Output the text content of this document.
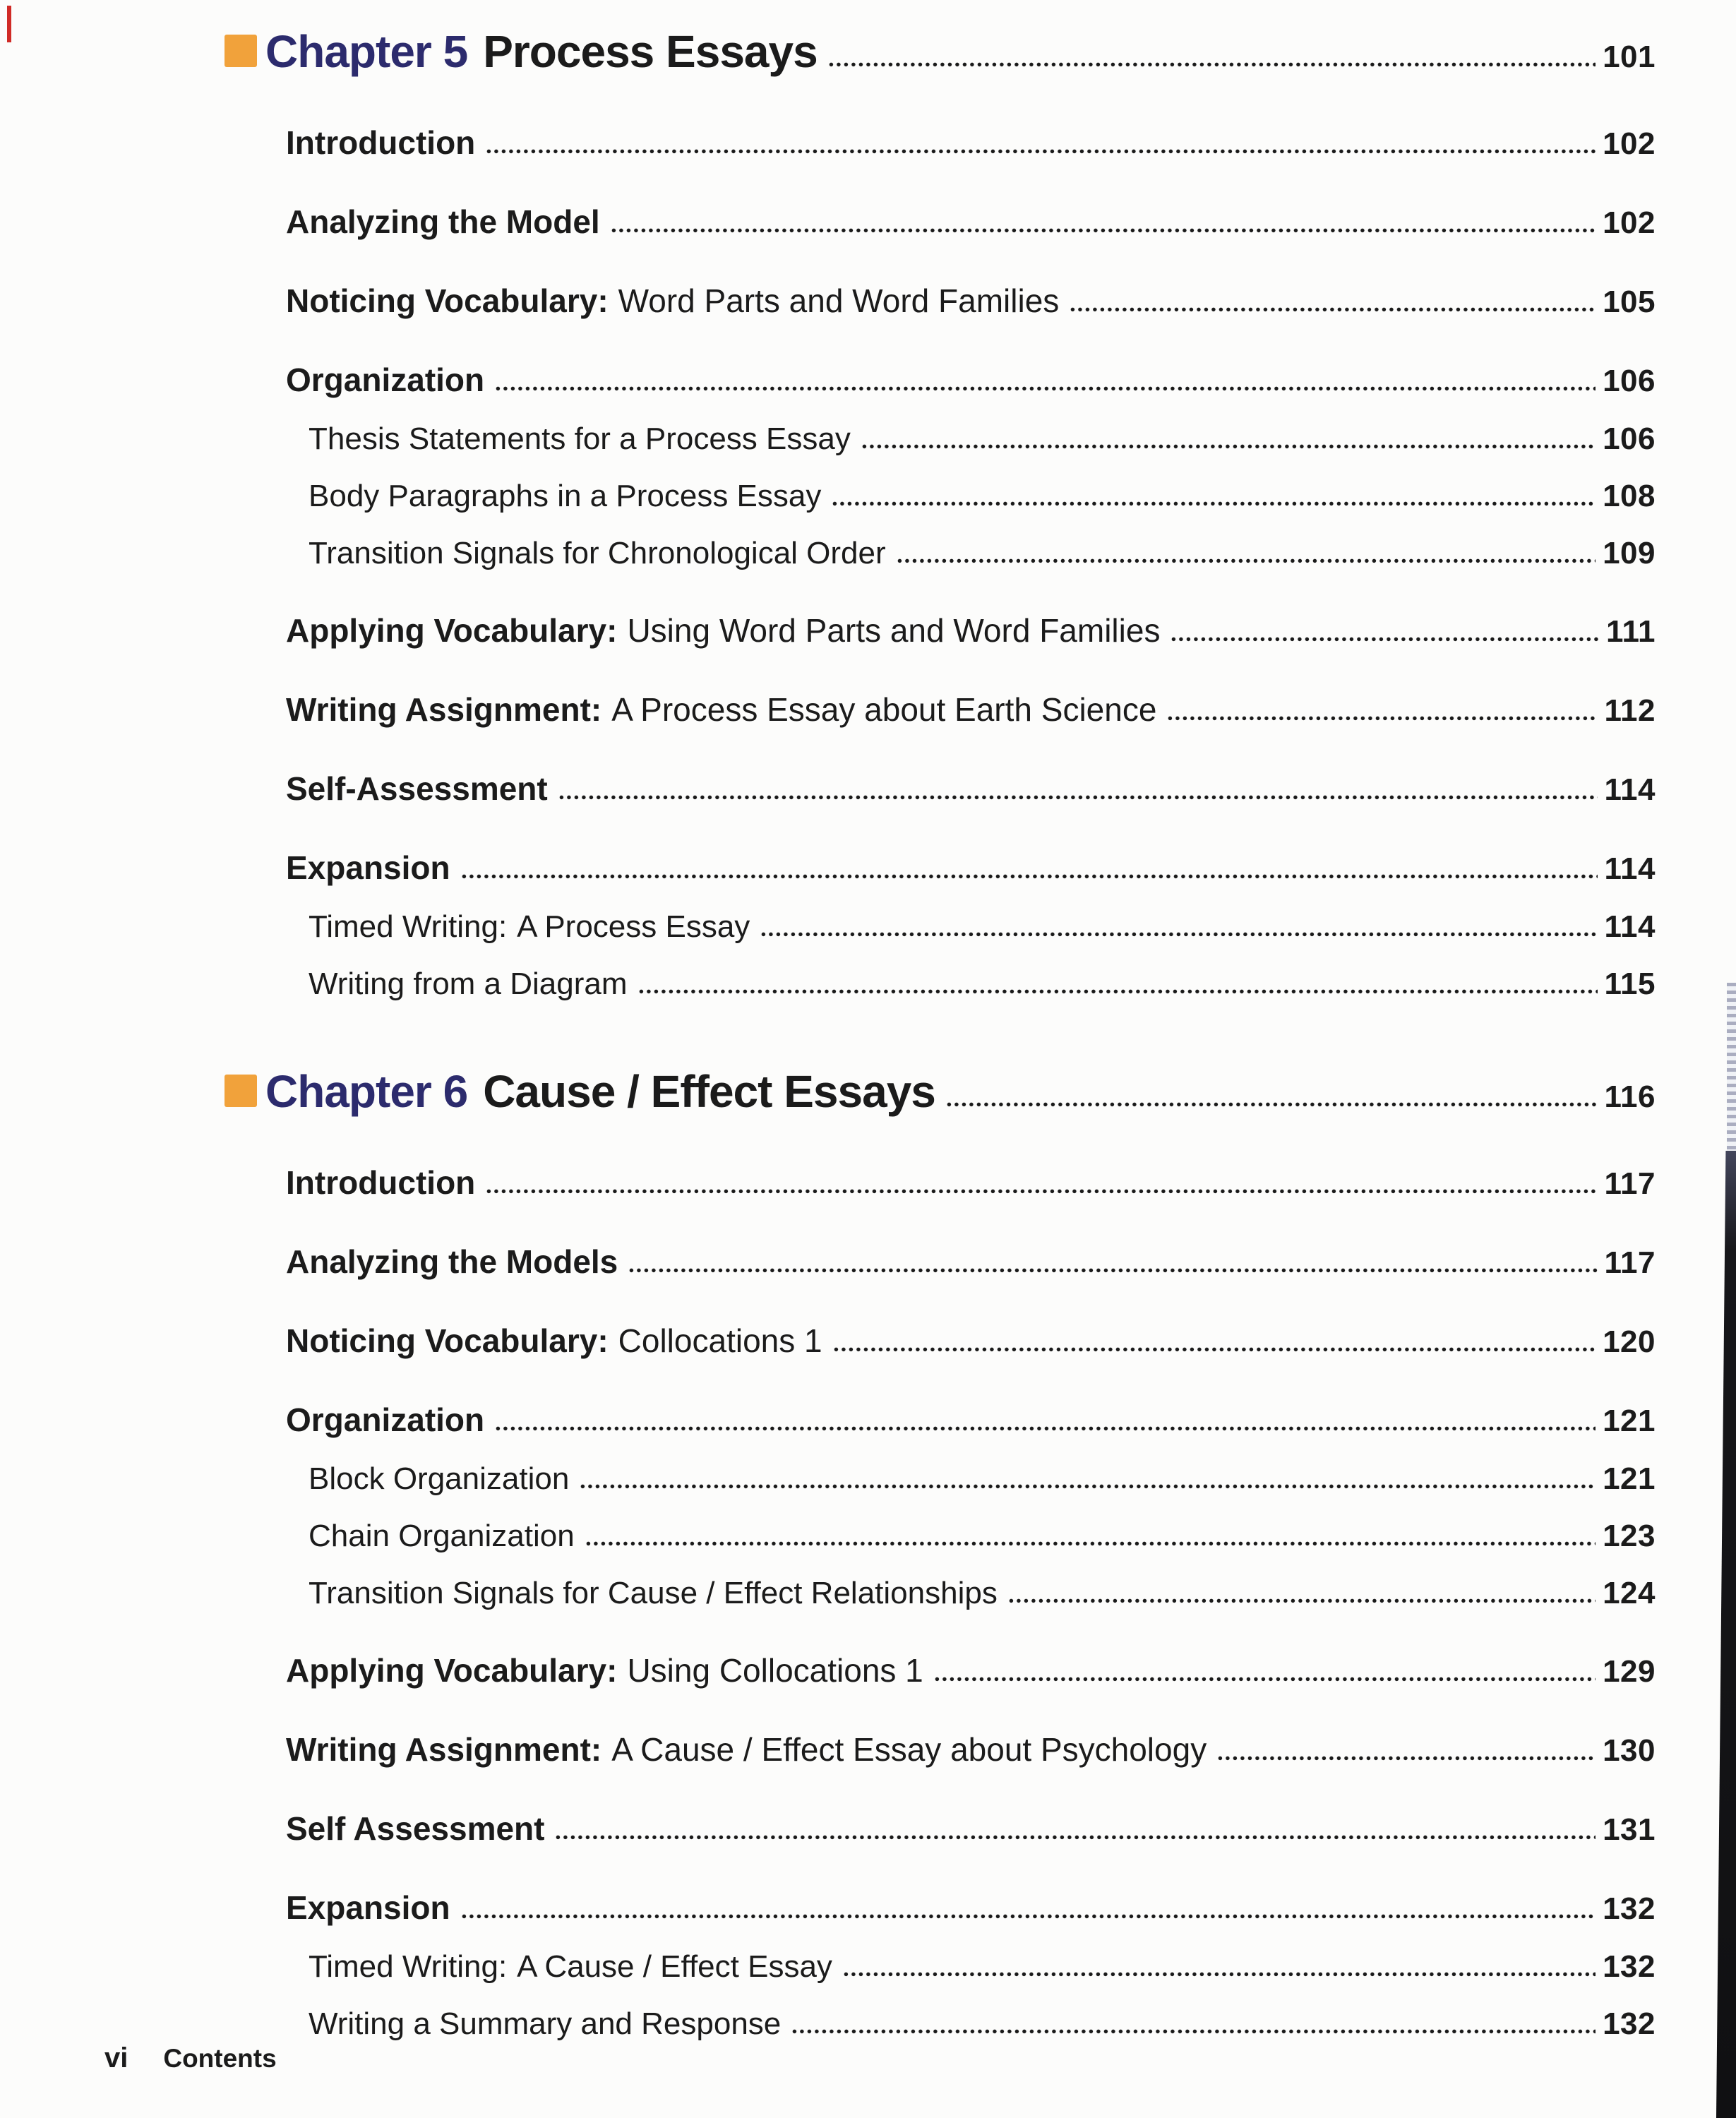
Chapter 5 Process Essays	101
Introduction	102
Analyzing the Model	102
Noticing Vocabulary: Word Parts and Word Families	105
Organization	106
Thesis Statements for a Process Essay	106
Body Paragraphs in a Process Essay	108
Transition Signals for Chronological Order	109
Applying Vocabulary: Using Word Parts and Word Families	111
Writing Assignment: A Process Essay about Earth Science	112
Self-Assessment	114
Expansion	114
Timed Writing: A Process Essay	114
Writing from a Diagram	115
Chapter 6 Cause / Effect Essays	116
Introduction	117
Analyzing the Models	117
Noticing Vocabulary: Collocations 1	120
Organization	121
Block Organization	121
Chain Organization	123
Transition Signals for Cause / Effect Relationships	124
Applying Vocabulary: Using Collocations 1	129
Writing Assignment: A Cause / Effect Essay about Psychology	130
Self Assessment	131
Expansion	132
Timed Writing: A Cause / Effect Essay	132
Writing a Summary and Response	132
vi Contents
